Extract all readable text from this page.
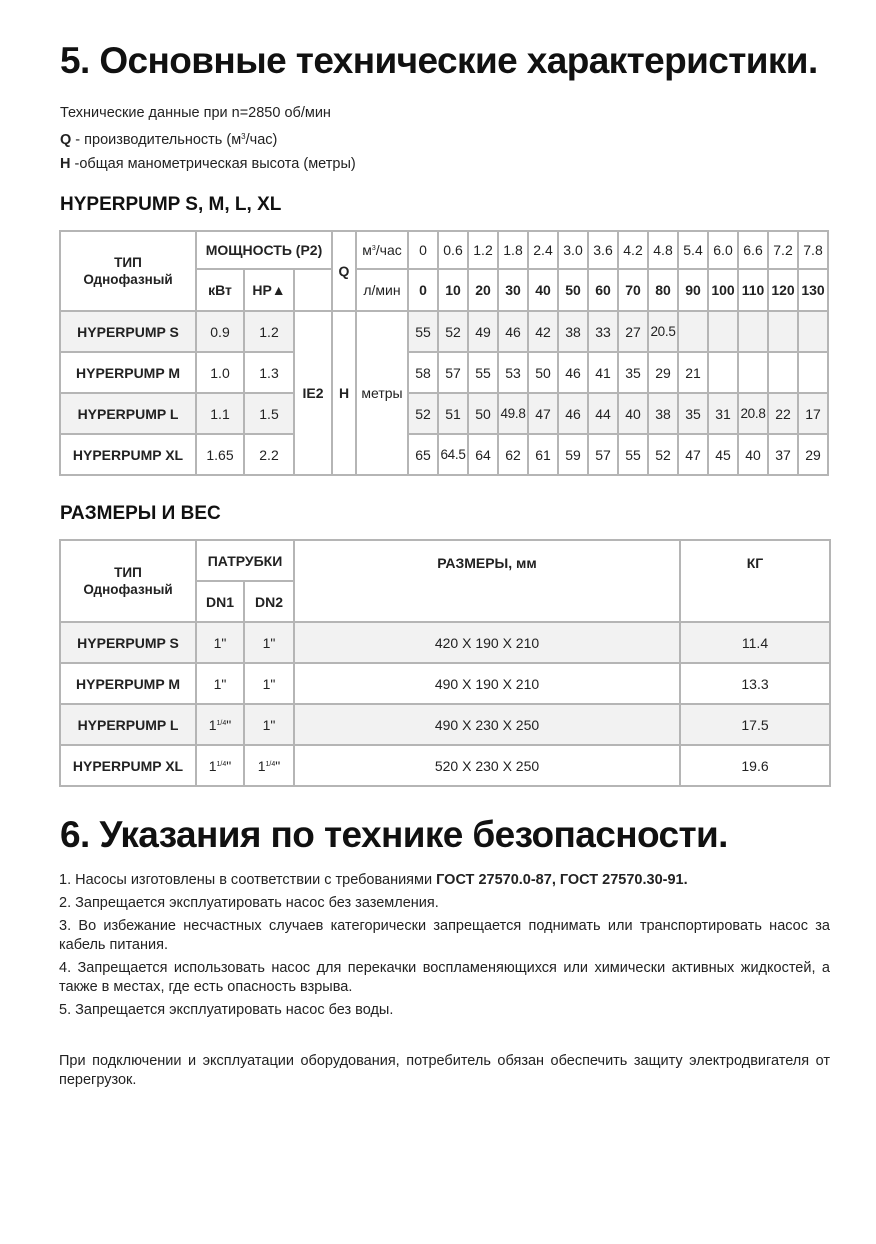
5. Основные технические характеристики.
Технические данные при n=2850 об/мин
Q - производительность $(м^3/час)$
H -общая манометрическая высота (метры)
HYPERPUMP S, M, L, XL
ТИП
Однофазный	МОЩНОСТЬ (P2)			Q	$м^3$/час	0	0.6	1.2	1.8	2.4	3.0	3.6	4.2	4.8	5.4	6.0	6.6	7.2	7.8
	кВт	HP▲			л/мин	0	10	20	30	40	50	60	70	80	90	100	110	120	130
HYPERPUMP S	0.9	1.2	IE2	H	метры	55	52	49	46	42	38	33	27	20.5					
HYPERPUMP M	1.0	1.3				58	57	55	53	50	46	41	35	29	21				
HYPERPUMP L	1.1	1.5				52	51	50	49.8	47	46	44	40	38	35	31	20.8	22	17
HYPERPUMP XL	1.65	2.2				65	64.5	64	62	61	59	57	55	52	47	45	40	37	29
РАЗМЕРЫ И ВЕС
ТИП
Однофазный	ПАТРУБКИ		РАЗМЕРЫ, мм	КГ
	DN1	DN2		
HYPERPUMP S	1"	1"	420 X 190 X 210	11.4
HYPERPUMP M	1"	1"	490 X 190 X 210	13.3
HYPERPUMP L	$1^{1/4}$"	1"	490 X 230 X 250	17.5
HYPERPUMP XL	$1^{1/4}$"	$1^{1/4}$"	520 X 230 X 250	19.6
6. Указания по технике безопасности.

1. Насосы изготовлены в соответствии с требованиями ГОСТ 27570.0-87, ГОСТ 27570.30-91.

2. Запрещается эксплуатировать насос без заземления.

3. Во избежание несчастных случаев категорически запрещается поднимать или транспортировать насос за кабель питания.

4. Запрещается использовать насос для перекачки воспламеняющихся или химически активных жидкостей, а также в местах, где есть опасность взрыва.

5. Запрещается эксплуатировать насос без воды.

При подключении и эксплуатации оборудования, потребитель обязан обеспечить защиту электродвигателя от перегрузок.
